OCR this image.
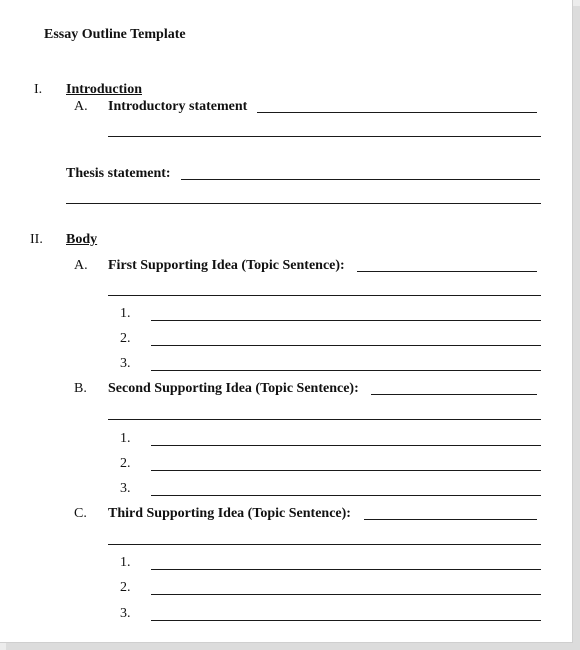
Essay Outline Template
I. Introduction
A. Introductory statement
Thesis statement:
II. Body
A. First Supporting Idea (Topic Sentence):
1.
2.
3.
B. Second Supporting Idea (Topic Sentence):
1.
2.
3.
C. Third Supporting Idea (Topic Sentence):
1.
2.
3.
